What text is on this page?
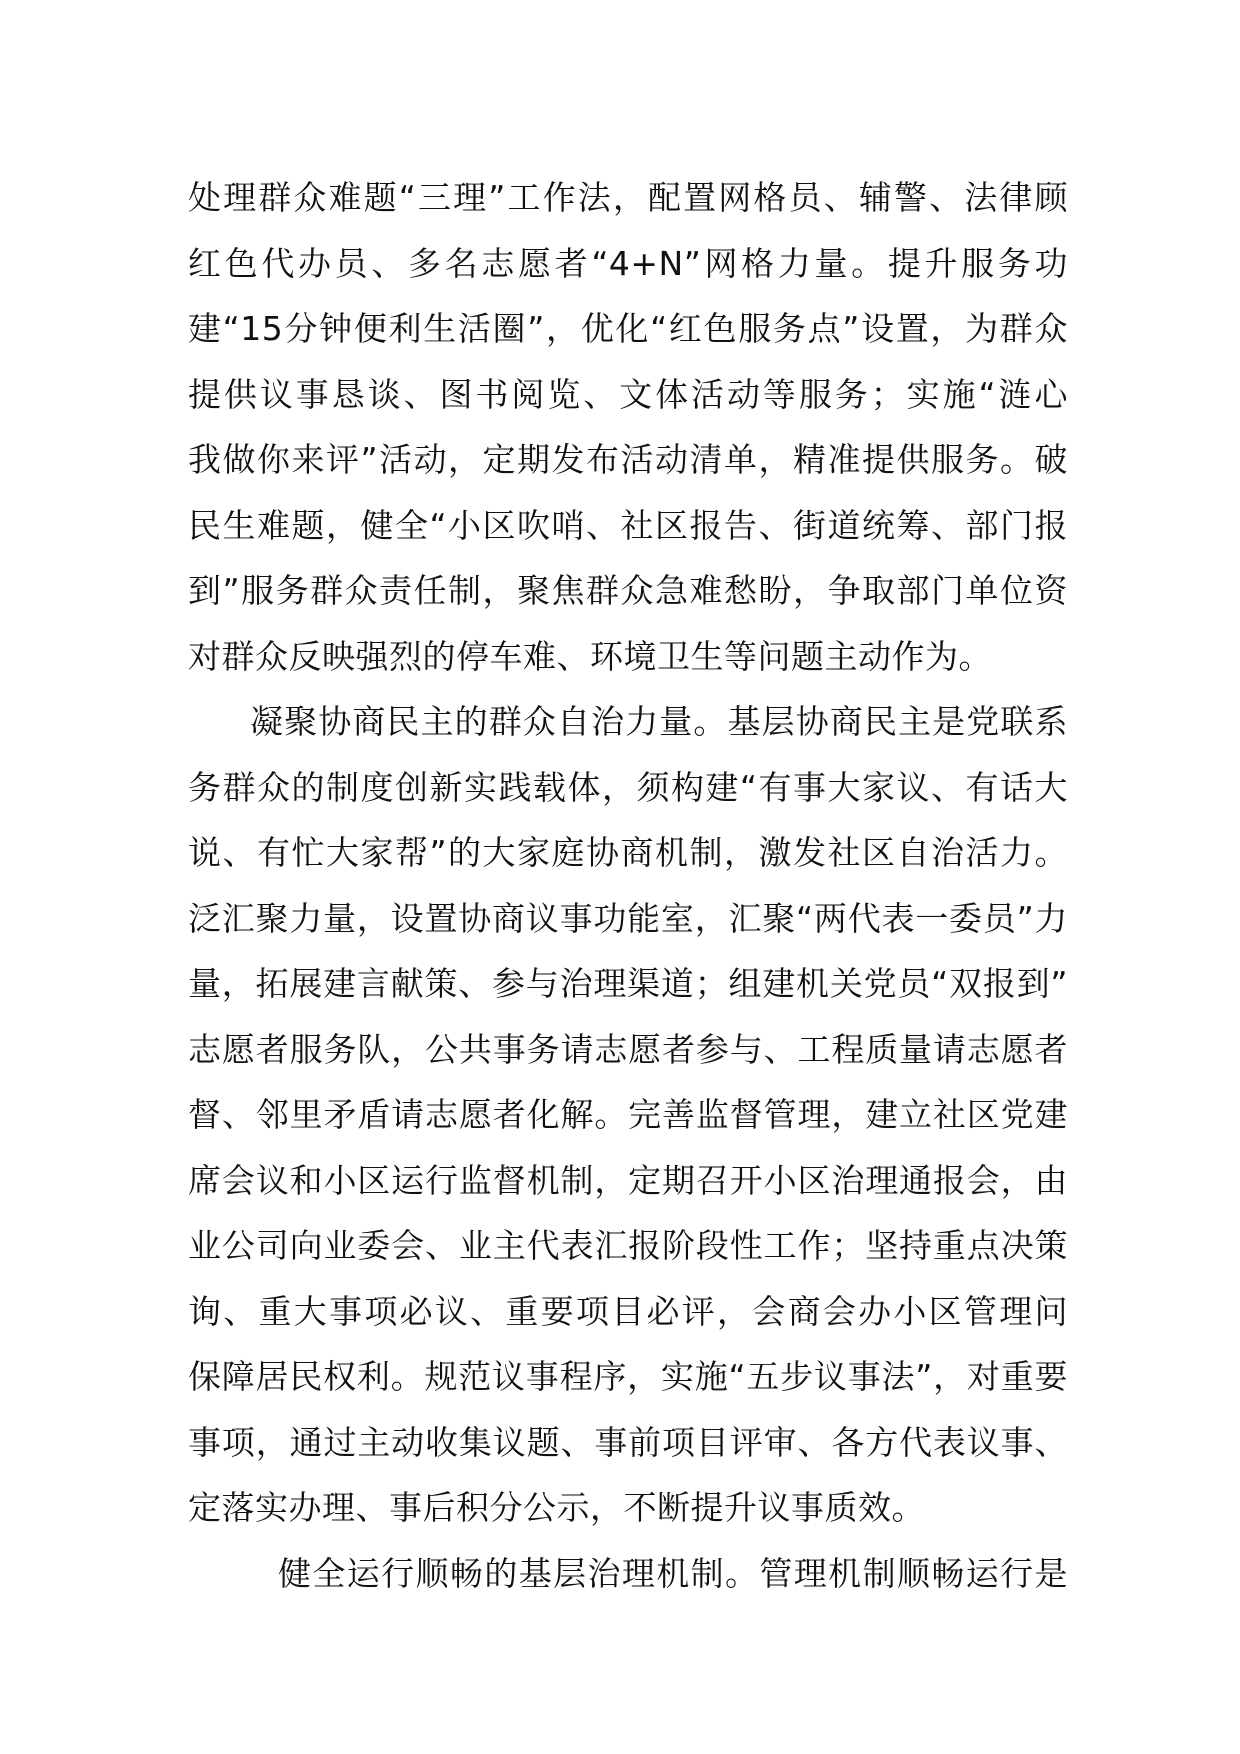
处理群众难题“三理”工作法，配置网格员、辅警、法律顾
红色代办员、多名志愿者“4+N”网格力量。提升服务功
建“15分钟便利生活圈”，优化“红色服务点”设置，为群众
提供议事恳谈、图书阅览、文体活动等服务；实施“涟心
我做你来评”活动，定期发布活动清单，精准提供服务。破
民生难题，健全“小区吹哨、社区报告、街道统筹、部门报
到”服务群众责任制，聚焦群众急难愁盼，争取部门单位资
对群众反映强烈的停车难、环境卫生等问题主动作为。
凝聚协商民主的群众自治力量。基层协商民主是党联系
务群众的制度创新实践载体，须构建“有事大家议、有话大
说、有忙大家帮”的大家庭协商机制，激发社区自治活力。
泛汇聚力量，设置协商议事功能室，汇聚“两代表一委员”力
量，拓展建言献策、参与治理渠道；组建机关党员“双报到”
志愿者服务队，公共事务请志愿者参与、工程质量请志愿者
督、邻里矛盾请志愿者化解。完善监督管理，建立社区党建
席会议和小区运行监督机制，定期召开小区治理通报会，由
业公司向业委会、业主代表汇报阶段性工作；坚持重点决策
询、重大事项必议、重要项目必评，会商会办小区管理问
保障居民权利。规范议事程序，实施“五步议事法”，对重要
事项，通过主动收集议题、事前项目评审、各方代表议事、
定落实办理、事后积分公示，不断提升议事质效。
健全运行顺畅的基层治理机制。管理机制顺畅运行是
